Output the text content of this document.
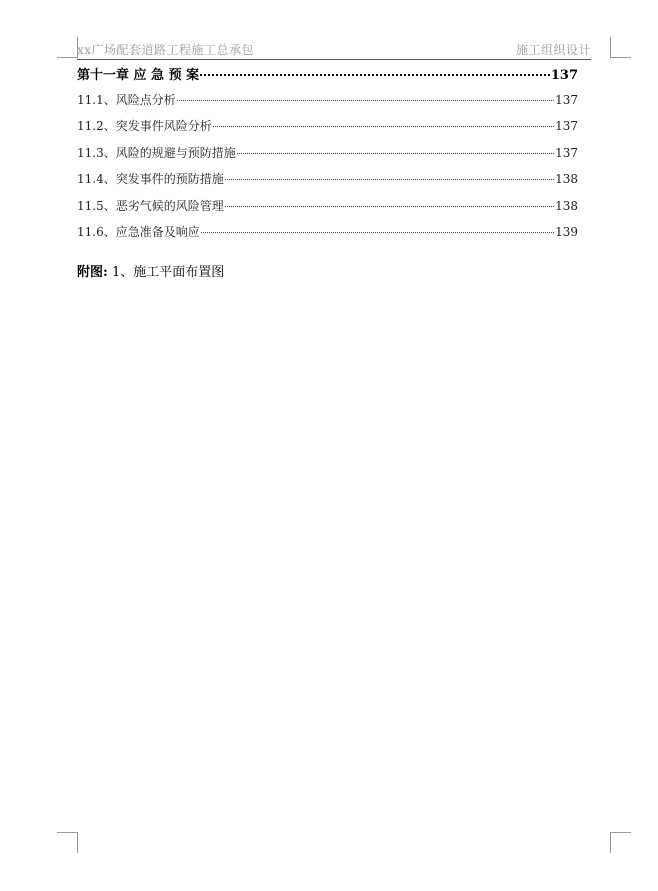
xx广场配套道路工程施工总承包	施工组织设计
第十一章 应 急 预 案	137
11.1、风险点分析	137
11.2、突发事件风险分析	137
11.3、风险的规避与预防措施	137
11.4、突发事件的预防措施	138
11.5、恶劣气候的风险管理	138
11.6、应急准备及响应	139
附图: 1、施工平面布置图
